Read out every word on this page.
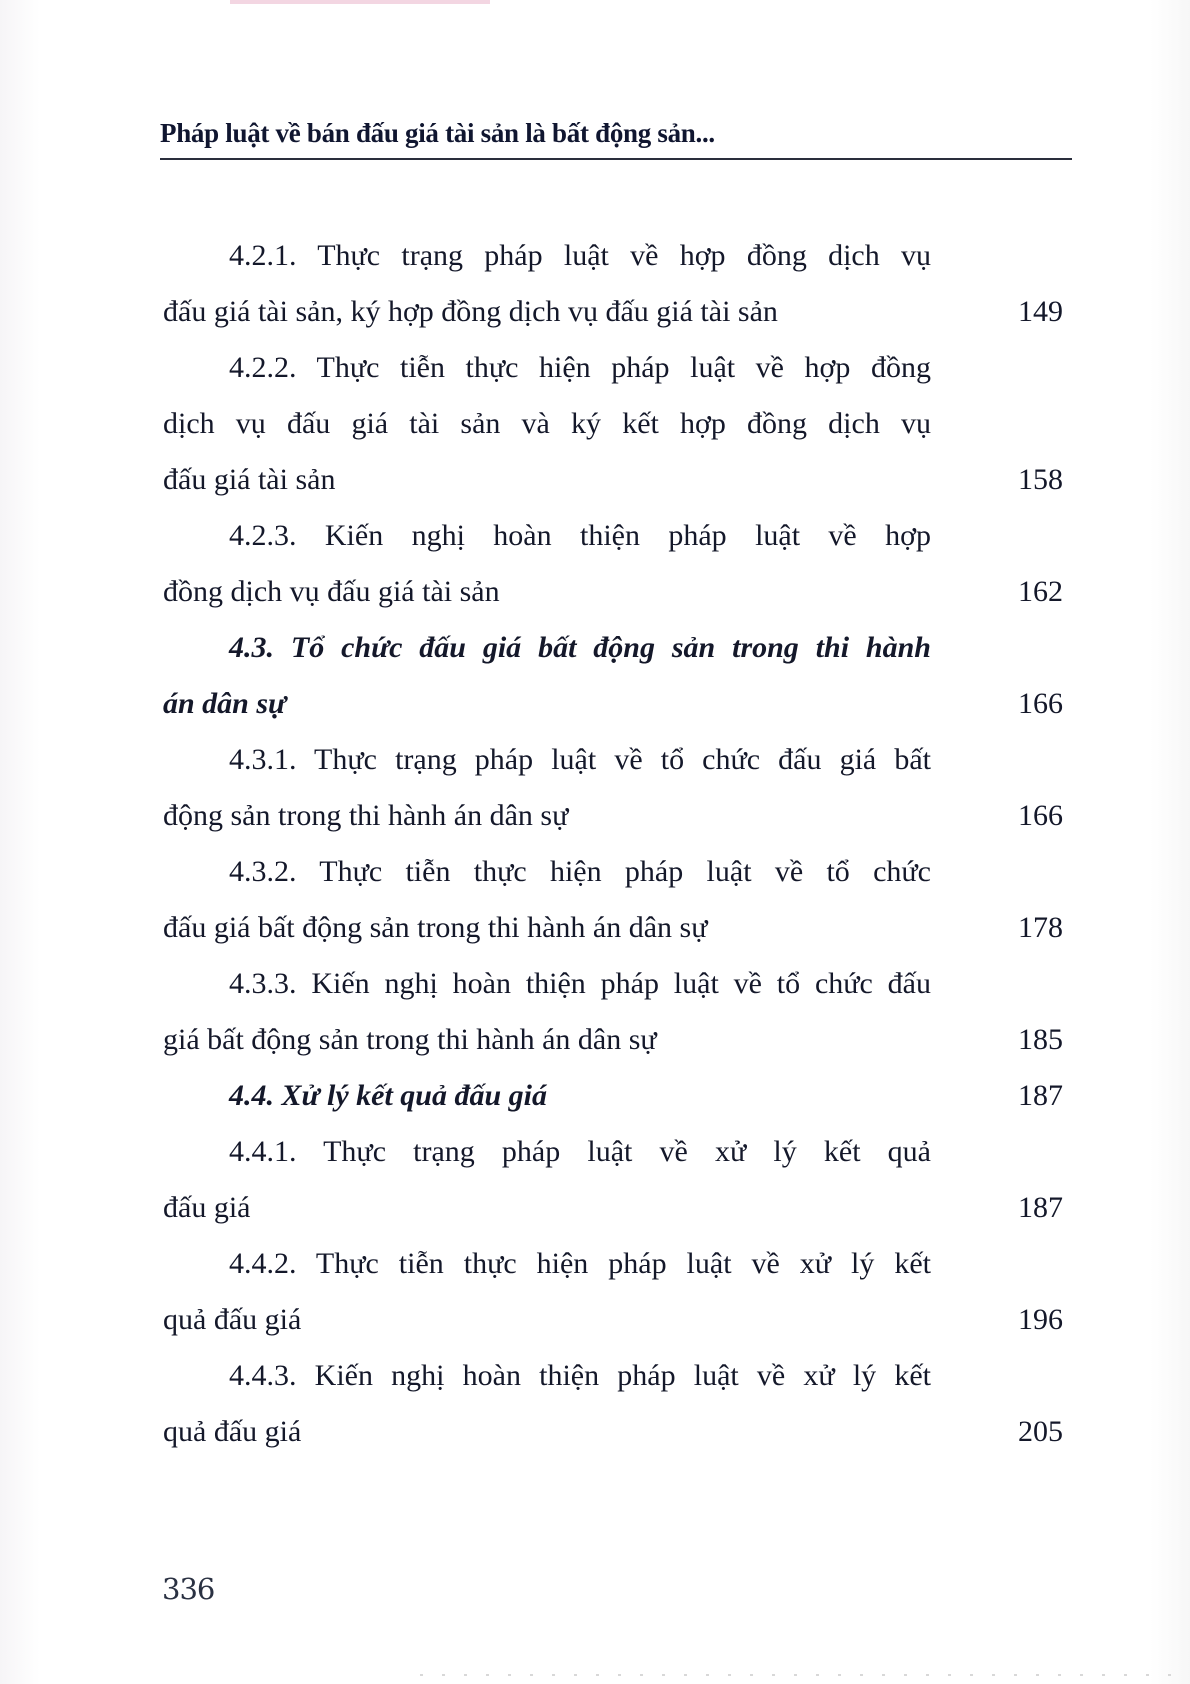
Pháp luật về bán đấu giá tài sản là bất động sản...
4.2.1. Thực trạng pháp luật về hợp đồng dịch vụ
đấu giá tài sản, ký hợp đồng dịch vụ đấu giá tài sản	149
4.2.2. Thực tiễn thực hiện pháp luật về hợp đồng
dịch vụ đấu giá tài sản và ký kết hợp đồng dịch vụ
đấu giá tài sản	158
4.2.3. Kiến nghị hoàn thiện pháp luật về hợp
đồng dịch vụ đấu giá tài sản	162
4.3. Tổ chức đấu giá bất động sản trong thi hành
án dân sự	166
4.3.1. Thực trạng pháp luật về tổ chức đấu giá bất
động sản trong thi hành án dân sự	166
4.3.2. Thực tiễn thực hiện pháp luật về tổ chức
đấu giá bất động sản trong thi hành án dân sự	178
4.3.3. Kiến nghị hoàn thiện pháp luật về tổ chức đấu
giá bất động sản trong thi hành án dân sự	185
4.4. Xử lý kết quả đấu giá	187
4.4.1. Thực trạng pháp luật về xử lý kết quả
đấu giá	187
4.4.2. Thực tiễn thực hiện pháp luật về xử lý kết
quả đấu giá	196
4.4.3. Kiến nghị hoàn thiện pháp luật về xử lý kết
quả đấu giá	205
336
